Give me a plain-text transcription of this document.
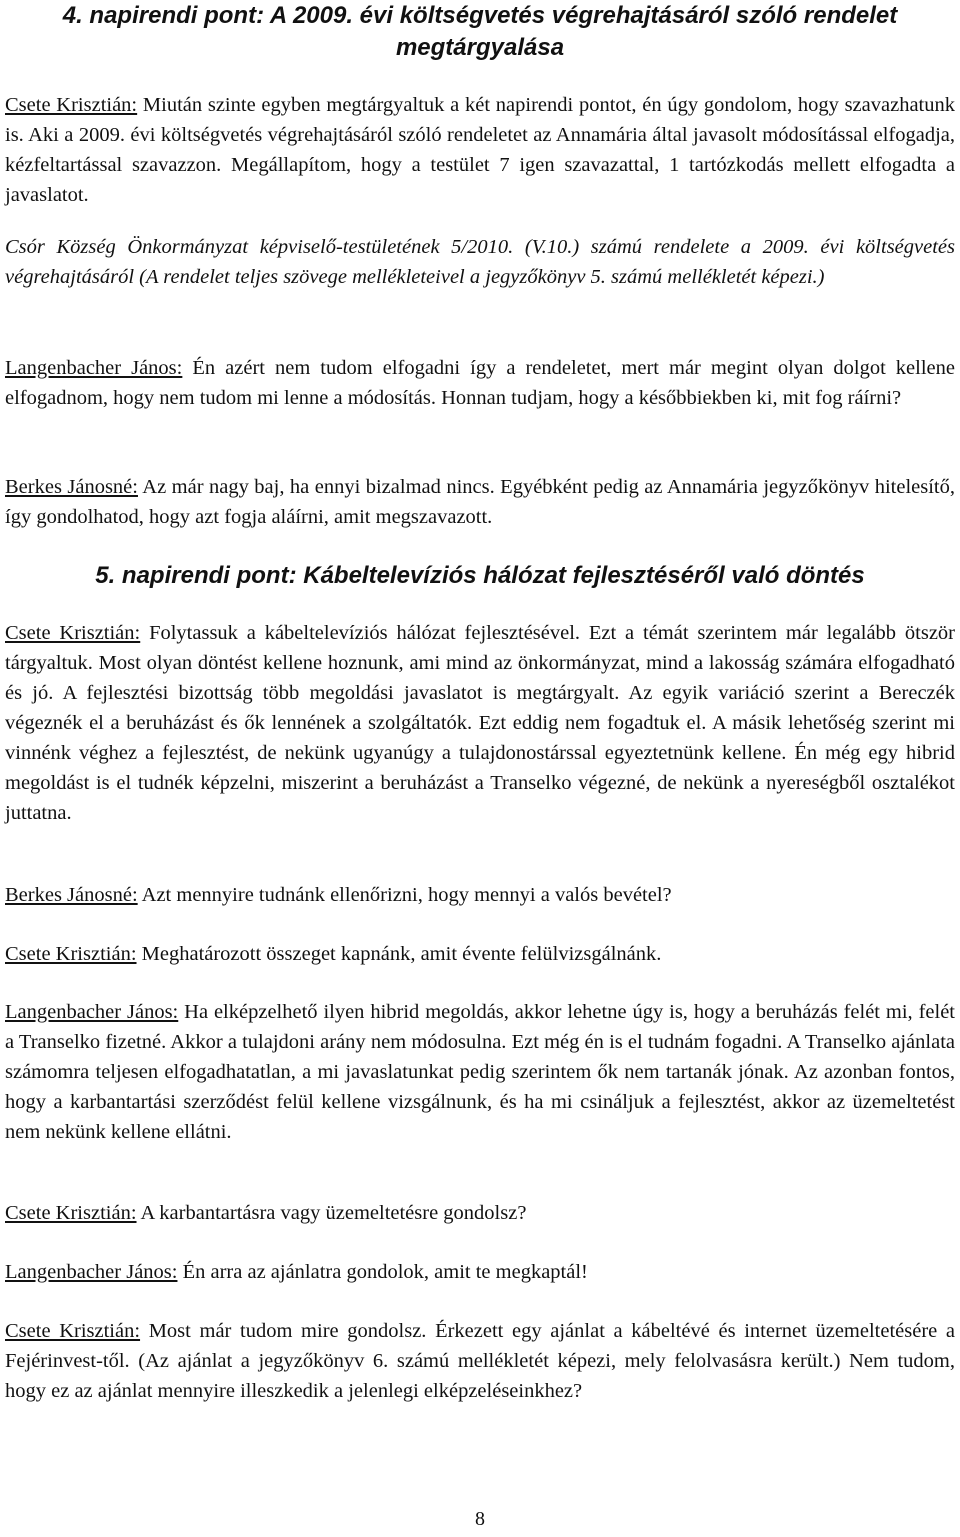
4. napirendi pont: A 2009. évi költségvetés végrehajtásáról szóló rendelet megtárgyalása

Csete Krisztián: Miután szinte egyben megtárgyaltuk a két napirendi pontot, én úgy gondolom, hogy szavazhatunk is. Aki a 2009. évi költségvetés végrehajtásáról szóló rendeletet az Annamária által javasolt módosítással elfogadja, kézfeltartással szavazzon. Megállapítom, hogy a testület 7 igen szavazattal, 1 tartózkodás mellett elfogadta a javaslatot.

Csór Község Önkormányzat képviselő-testületének 5/2010. (V.10.) számú rendelete a 2009. évi költségvetés végrehajtásáról (A rendelet teljes szövege mellékleteivel a jegyzőkönyv 5. számú mellékletét képezi.)

Langenbacher János: Én azért nem tudom elfogadni így a rendeletet, mert már megint olyan dolgot kellene elfogadnom, hogy nem tudom mi lenne a módosítás. Honnan tudjam, hogy a későbbiekben ki, mit fog ráírni?

Berkes Jánosné: Az már nagy baj, ha ennyi bizalmad nincs. Egyébként pedig az Annamária jegyzőkönyv hitelesítő, így gondolhatod, hogy azt fogja aláírni, amit megszavazott.

5. napirendi pont: Kábeltelevíziós hálózat fejlesztéséről való döntés

Csete Krisztián: Folytassuk a kábeltelevíziós hálózat fejlesztésével. Ezt a témát szerintem már legalább ötször tárgyaltuk. Most olyan döntést kellene hoznunk, ami mind az önkormányzat, mind a lakosság számára elfogadható és jó. A fejlesztési bizottság több megoldási javaslatot is megtárgyalt. Az egyik variáció szerint a Bereczék végeznék el a beruházást és ők lennének a szolgáltatók. Ezt eddig nem fogadtuk el. A másik lehetőség szerint mi vinnénk véghez a fejlesztést, de nekünk ugyanúgy a tulajdonostárssal egyeztetnünk kellene. Én még egy hibrid megoldást is el tudnék képzelni, miszerint a beruházást a Transelko végezné, de nekünk a nyereségből osztalékot juttatna.

Berkes Jánosné: Azt mennyire tudnánk ellenőrizni, hogy mennyi a valós bevétel?

Csete Krisztián: Meghatározott összeget kapnánk, amit évente felülvizsgálnánk.

Langenbacher János: Ha elképzelhető ilyen hibrid megoldás, akkor lehetne úgy is, hogy a beruházás felét mi, felét a Transelko fizetné. Akkor a tulajdoni arány nem módosulna. Ezt még én is el tudnám fogadni. A Transelko ajánlata számomra teljesen elfogadhatatlan, a mi javaslatunkat pedig szerintem ők nem tartanák jónak. Az azonban fontos, hogy a karbantartási szerződést felül kellene vizsgálnunk, és ha mi csináljuk a fejlesztést, akkor az üzemeltetést nem nekünk kellene ellátni.

Csete Krisztián: A karbantartásra vagy üzemeltetésre gondolsz?

Langenbacher János: Én arra az ajánlatra gondolok, amit te megkaptál!

Csete Krisztián: Most már tudom mire gondolsz. Érkezett egy ajánlat a kábeltévé és internet üzemeltetésére a Fejérinvest-től. (Az ajánlat a jegyzőkönyv 6. számú mellékletét képezi, mely felolvasásra került.) Nem tudom, hogy ez az ajánlat mennyire illeszkedik a jelenlegi elképzeléseinkhez?

8
